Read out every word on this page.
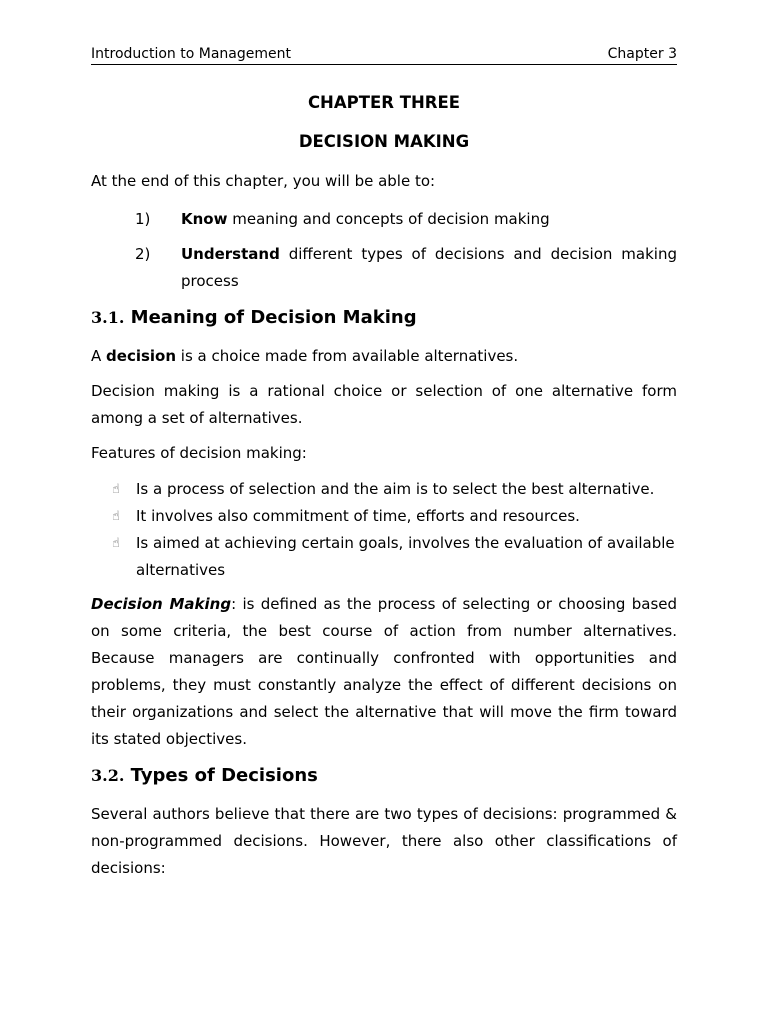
Introduction to Management	Chapter 3
CHAPTER THREE
DECISION MAKING

At the end of this chapter, you will be able to:

1) Know meaning and concepts of decision making
2) Understand different types of decisions and decision making process
3.1. Meaning of Decision Making

A decision is a choice made from available alternatives.

Decision making is a rational choice or selection of one alternative form among a set of alternatives.

Features of decision making:

☝ Is a process of selection and the aim is to select the best alternative.
☝ It involves also commitment of time, efforts and resources.
☝ Is aimed at achieving certain goals, involves the evaluation of available alternatives

Decision Making: is defined as the process of selecting or choosing based on some criteria, the best course of action from number alternatives. Because managers are continually confronted with opportunities and problems, they must constantly analyze the effect of different decisions on their organizations and select the alternative that will move the firm toward its stated objectives.

3.2. Types of Decisions

Several authors believe that there are two types of decisions: programmed & non-programmed decisions. However, there also other classifications of decisions:
